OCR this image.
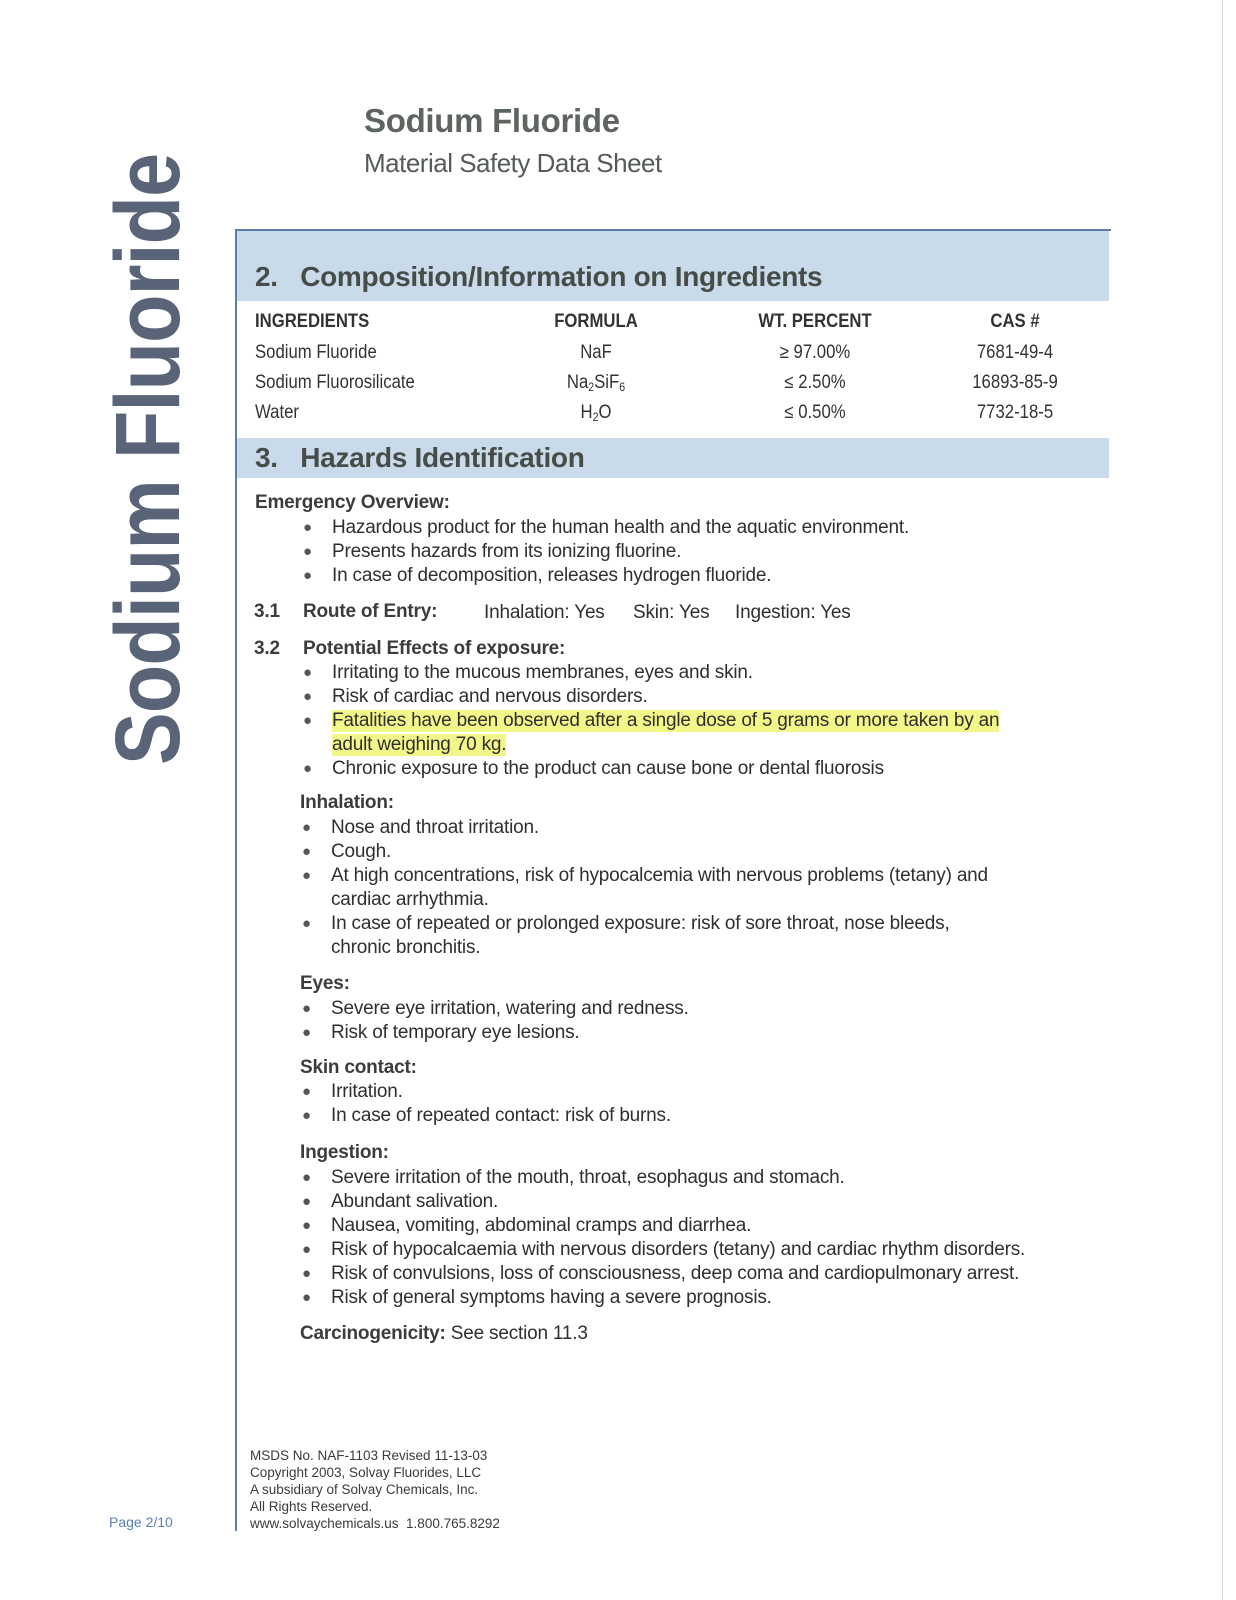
Sodium Fluoride
Sodium Fluoride
Material Safety Data Sheet
2.   Composition/Information on Ingredients
INGREDIENTS	FORMULA	WT. PERCENT	CAS #
Sodium Fluoride	NaF	≥ 97.00%	7681-49-4
Sodium Fluorosilicate	$Na_2SiF_6$	≤ 2.50%	16893-85-9
Water	$H_2O$	≤ 0.50%	7732-18-5
3.   Hazards Identification
Emergency Overview:
● Hazardous product for the human health and the aquatic environment.
● Presents hazards from its ionizing fluorine.
● In case of decomposition, releases hydrogen fluoride.
3.1 Route of Entry: Inhalation: Yes Skin: Yes Ingestion: Yes
3.2 Potential Effects of exposure:
● Irritating to the mucous membranes, eyes and skin.
● Risk of cardiac and nervous disorders.
● Fatalities have been observed after a single dose of 5 grams or more taken by an
adult weighing 70 kg.
● Chronic exposure to the product can cause bone or dental fluorosis
Inhalation:
● Nose and throat irritation.
● Cough.
● At high concentrations, risk of hypocalcemia with nervous problems (tetany) and
cardiac arrhythmia.
● In case of repeated or prolonged exposure: risk of sore throat, nose bleeds,
chronic bronchitis.
Eyes:
● Severe eye irritation, watering and redness.
● Risk of temporary eye lesions.
Skin contact:
● Irritation.
● In case of repeated contact: risk of burns.
Ingestion:
● Severe irritation of the mouth, throat, esophagus and stomach.
● Abundant salivation.
● Nausea, vomiting, abdominal cramps and diarrhea.
● Risk of hypocalcaemia with nervous disorders (tetany) and cardiac rhythm disorders.
● Risk of convulsions, loss of consciousness, deep coma and cardiopulmonary arrest.
● Risk of general symptoms having a severe prognosis.
Carcinogenicity: See section 11.3
MSDS No. NAF-1103 Revised 11-13-03
Copyright 2003, Solvay Fluorides, LLC
A subsidiary of Solvay Chemicals, Inc.
All Rights Reserved.
www.solvaychemicals.us  1.800.765.8292
Page 2/10
